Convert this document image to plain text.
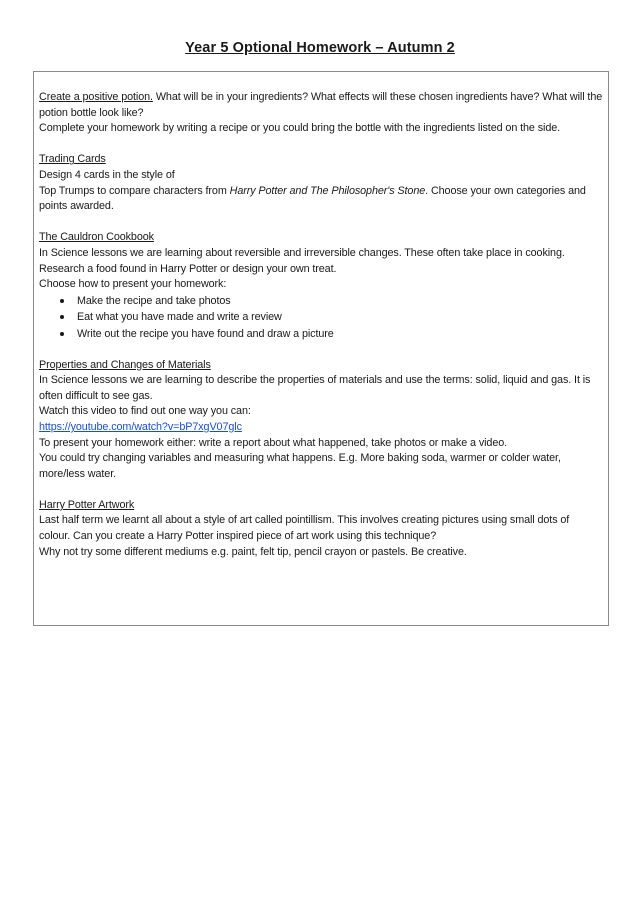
Year 5 Optional Homework – Autumn 2
Create a positive potion. What will be in your ingredients? What effects will these chosen ingredients have? What will the potion bottle look like?
Complete your homework by writing a recipe or you could bring the bottle with the ingredients listed on the side.
Trading Cards
Design 4 cards in the style of
Top Trumps to compare characters from Harry Potter and The Philosopher's Stone. Choose your own categories and points awarded.
The Cauldron Cookbook
In Science lessons we are learning about reversible and irreversible changes. These often take place in cooking.
Research a food found in Harry Potter or design your own treat.
Choose how to present your homework:
Make the recipe and take photos
Eat what you have made and write a review
Write out the recipe you have found and draw a picture
Properties and Changes of Materials
In Science lessons we are learning to describe the properties of materials and use the terms: solid, liquid and gas. It is often difficult to see gas.
Watch this video to find out one way you can:
https://youtube.com/watch?v=bP7xgV07glc
To present your homework either: write a report about what happened, take photos or make a video.
You could try changing variables and measuring what happens. E.g. More baking soda, warmer or colder water, more/less water.
Harry Potter Artwork
Last half term we learnt all about a style of art called pointillism. This involves creating pictures using small dots of colour. Can you create a Harry Potter inspired piece of art work using this technique?
Why not try some different mediums e.g. paint, felt tip, pencil crayon or pastels. Be creative.
